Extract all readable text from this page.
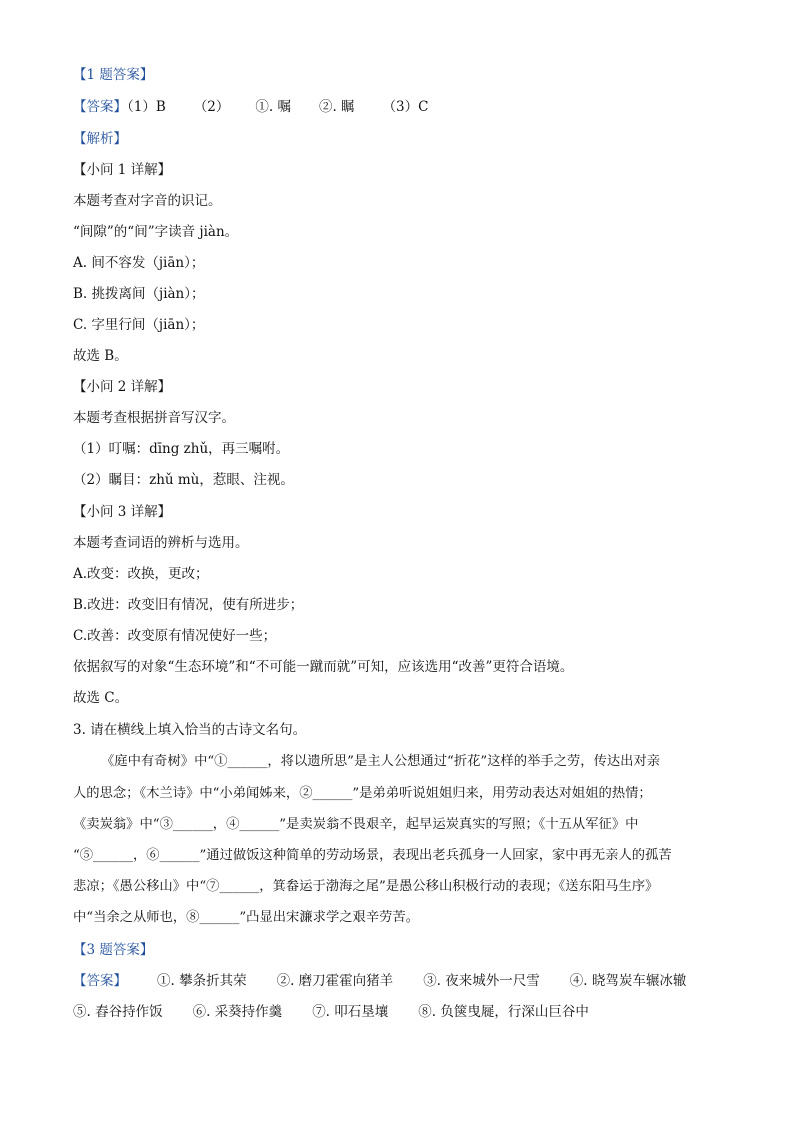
【1 题答案】
【答案】（1）B （2） ①. 嘱 ②. 瞩 （3）C
【解析】
【小问 1 详解】
本题考查对字音的识记。
“间隙”的“间”字读音 jiàn。
A. 间不容发（jiān）；
B. 挑拨离间（jiàn）；
C. 字里行间（jiān）；
故选 B。
【小问 2 详解】
本题考查根据拼音写汉字。
（1）叮嘱：dīng zhǔ，再三嘱咐。
（2）瞩目：zhǔ mù，惹眼、注视。
【小问 3 详解】
本题考查词语的辨析与选用。
A.改变：改换，更改；
B.改进：改变旧有情况，使有所进步；
C.改善：改变原有情况使好一些；
依据叙写的对象“生态环境”和“不可能一蹴而就”可知，应该选用“改善”更符合语境。
故选 C。
3. 请在横线上填入恰当的古诗文名句。
《庭中有奇树》中“①______，将以遗所思”是主人公想通过“折花”这样的举手之劳，传达出对亲
人的思念；《木兰诗》中“小弟闻姊来，②______”是弟弟听说姐姐归来，用劳动表达对姐姐的热情；
《卖炭翁》中“③______，④______”是卖炭翁不畏艰辛，起早运炭真实的写照；《十五从军征》中
“⑤______，⑥______”通过做饭这种简单的劳动场景，表现出老兵孤身一人回家，家中再无亲人的孤苦
悲凉；《愚公移山》中“⑦______，箕畚运于渤海之尾”是愚公移山积极行动的表现；《送东阳马生序》
中“当余之从师也，⑧______”凸显出宋濂求学之艰辛劳苦。
【3 题答案】
【答案】 ①. 攀条折其荣 ②. 磨刀霍霍向猪羊 ③. 夜来城外一尺雪 ④. 晓驾炭车辗冰辙
⑤. 舂谷持作饭 ⑥. 采葵持作羹 ⑦. 叩石垦壤 ⑧. 负箧曳屣，行深山巨谷中
